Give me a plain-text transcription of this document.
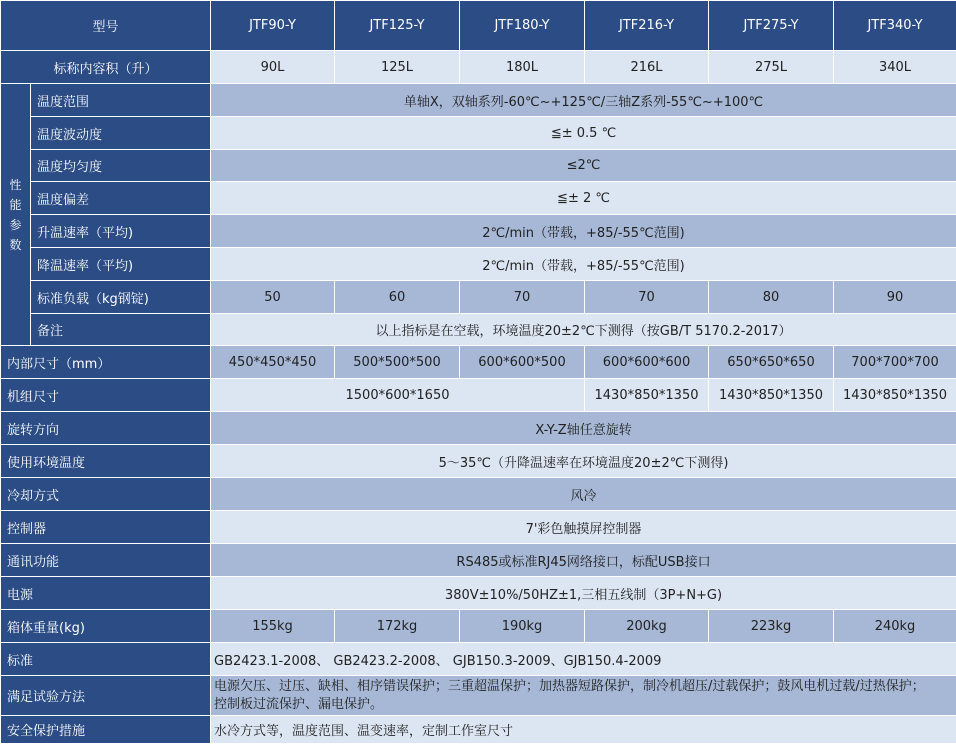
型号		JTF90-Y	JTF125-Y	JTF180-Y	JTF216-Y	JTF275-Y	JTF340-Y
标称内容积（升）		90L	125L	180L	216L	275L	340L

性
能
参
数	温度范围	单轴X，双轴系列-60℃~+125℃/三轴Z系列-55℃~+100℃					
	温度波动度	≦± 0.5 ℃					
	温度均匀度	≤2℃					
	温度偏差	≦± 2 ℃					
	升温速率（平均)	2℃/min（带载，+85/-55℃范围)					
	降温速率（平均)	2℃/min（带载，+85/-55℃范围)					
	标准负载（kg钢锭)	50	60	70	70	80	90
	备注	以上指标是在空载，环境温度20±2℃下测得（按GB/T 5170.2-2017）					
内部尺寸（mm）		450*450*450	500*500*500	600*600*500	600*600*600	650*650*650	700*700*700
机组尺寸		1500*600*1650			1430*850*1350	1430*850*1350	1430*850*1350
旋转方向		X-Y-Z轴任意旋转					
使用环境温度		5～35℃（升降温速率在环境温度20±2℃下测得)					
冷却方式		风冷					
控制器		7'彩色触摸屏控制器					
通讯功能		RS485或标准RJ45网络接口，标配USB接口					
电源		380V±10%/50HZ±1,三相五线制（3P+N+G)					
箱体重量(kg)		155kg	172kg	190kg	200kg	223kg	240kg
标准		GB2423.1-2008、 GB2423.2-2008、 GJB150.3-2009、GJB150.4-2009					
满足试验方法		电源欠压、过压、缺相、相序错误保护；三重超温保护；加热器短路保护，制冷机超压/过载保护；鼓风电机过载/过热保护；
控制板过流保护、漏电保护。					

安全保护措施		水冷方式等，温度范围、温变速率，定制工作室尺寸					
